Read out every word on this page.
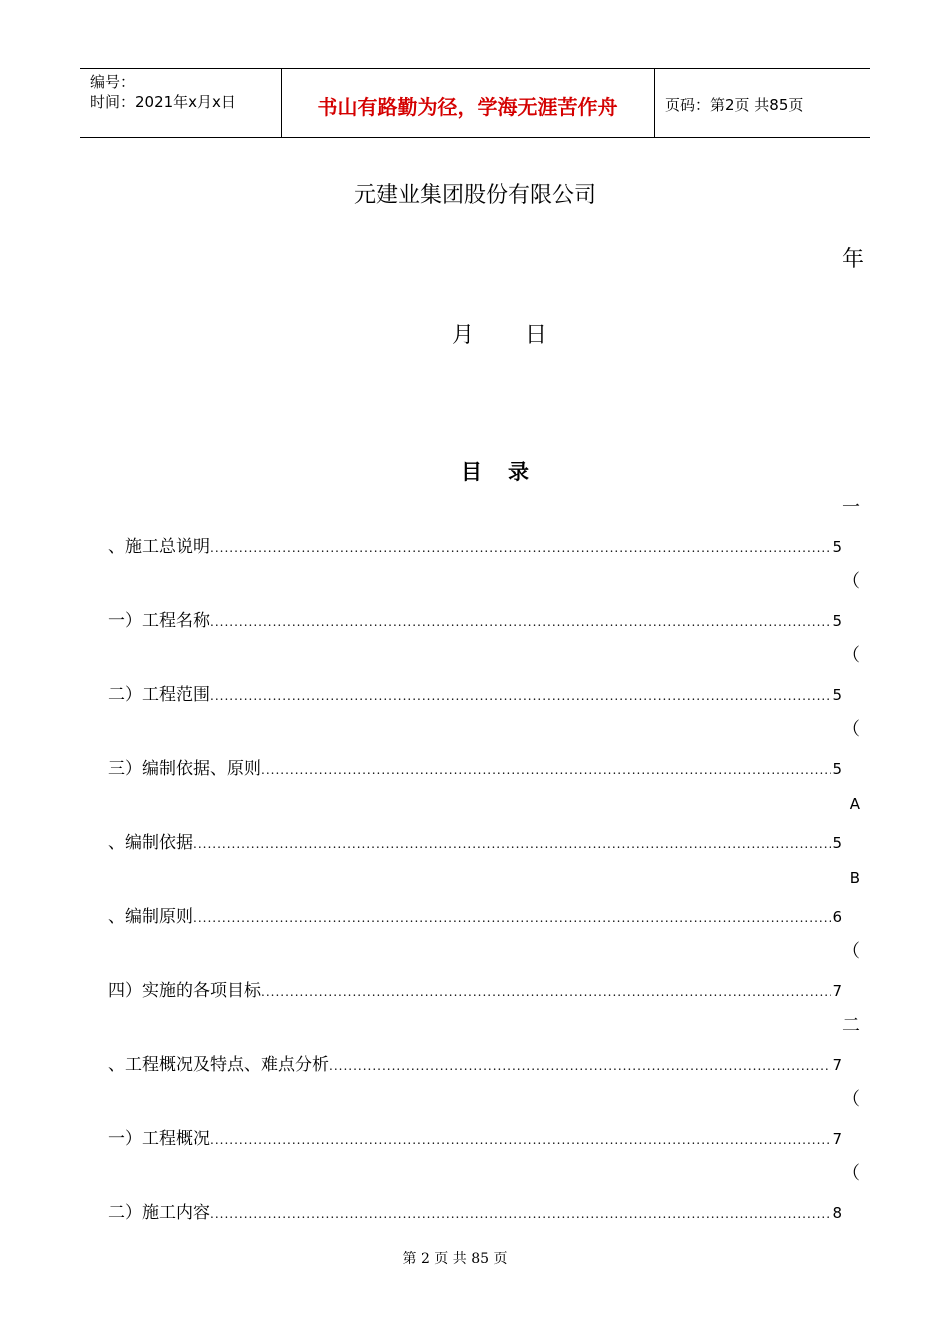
编号：
时间：2021年x月x日	书山有路勤为径，学海无涯苦作舟	页码：第2页 共85页
元建业集团股份有限公司
年
月 日
目 录
一
、施工总说明 .....	5
（
一）工程名称 .....	5
（
二）工程范围 .....	5
（
三）编制依据、原则 .....	5
A
、编制依据 .....	5
B
、编制原则 .....	6
（
四）实施的各项目标 .....	7
二
、工程概况及特点、难点分析 .....	7
（
一）工程概况 .....	7
（
二）施工内容 .....	8
第 2 页 共 85 页
